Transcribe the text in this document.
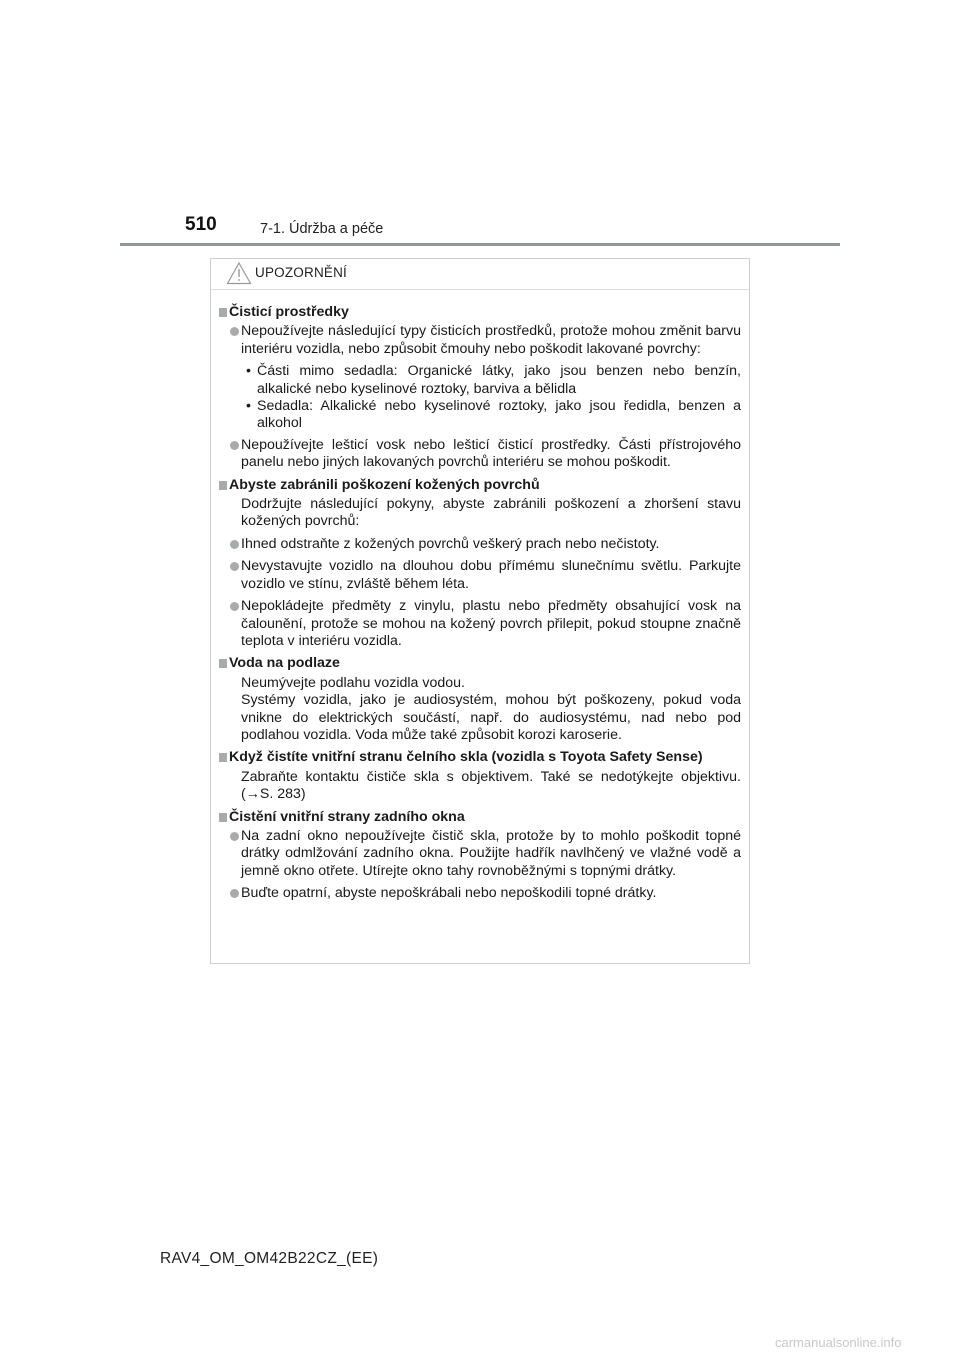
510	7-1. Údržba a péče
UPOZORNĚNÍ
Čisticí prostředky
Nepoužívejte následující typy čisticích prostředků, protože mohou změnit barvu interiéru vozidla, nebo způsobit čmouhy nebo poškodit lakované povrchy:
• Části mimo sedadla: Organické látky, jako jsou benzen nebo benzín, alkalické nebo kyselinové roztoky, barviva a bělidla
• Sedadla: Alkalické nebo kyselinové roztoky, jako jsou ředidla, benzen a alkohol
Nepoužívejte lešticí vosk nebo lešticí čisticí prostředky. Části přístrojového panelu nebo jiných lakovaných povrchů interiéru se mohou poškodit.
Abyste zabránili poškození kožených povrchů
Dodržujte následující pokyny, abyste zabránili poškození a zhoršení stavu kožených povrchů:
Ihned odstraňte z kožených povrchů veškerý prach nebo nečistoty.
Nevystavujte vozidlo na dlouhou dobu přímému slunečnímu světlu. Parkujte vozidlo ve stínu, zvláště během léta.
Nepokládejte předměty z vinylu, plastu nebo předměty obsahující vosk na čalounění, protože se mohou na kožený povrch přilepit, pokud stoupne značně teplota v interiéru vozidla.
Voda na podlaze
Neumývejte podlahu vozidla vodou.
Systémy vozidla, jako je audiosystém, mohou být poškozeny, pokud voda vnikne do elektrických součástí, např. do audiosystému, nad nebo pod podlahou vozidla. Voda může také způsobit korozi karoserie.
Když čistíte vnitřní stranu čelního skla (vozidla s Toyota Safety Sense)
Zabraňte kontaktu čističe skla s objektivem. Také se nedotýkejte objektivu. (→S. 283)
Čistění vnitřní strany zadního okna
Na zadní okno nepoužívejte čistič skla, protože by to mohlo poškodit topné drátky odmlžování zadního okna. Použijte hadřík navlhčený ve vlažné vodě a jemně okno otřete. Utírejte okno tahy rovnoběžnými s topnými drátky.
Buďte opatrní, abyste nepoškrábali nebo nepoškodili topné drátky.
RAV4_OM_OM42B22CZ_(EE)
carmanualsonline.info
